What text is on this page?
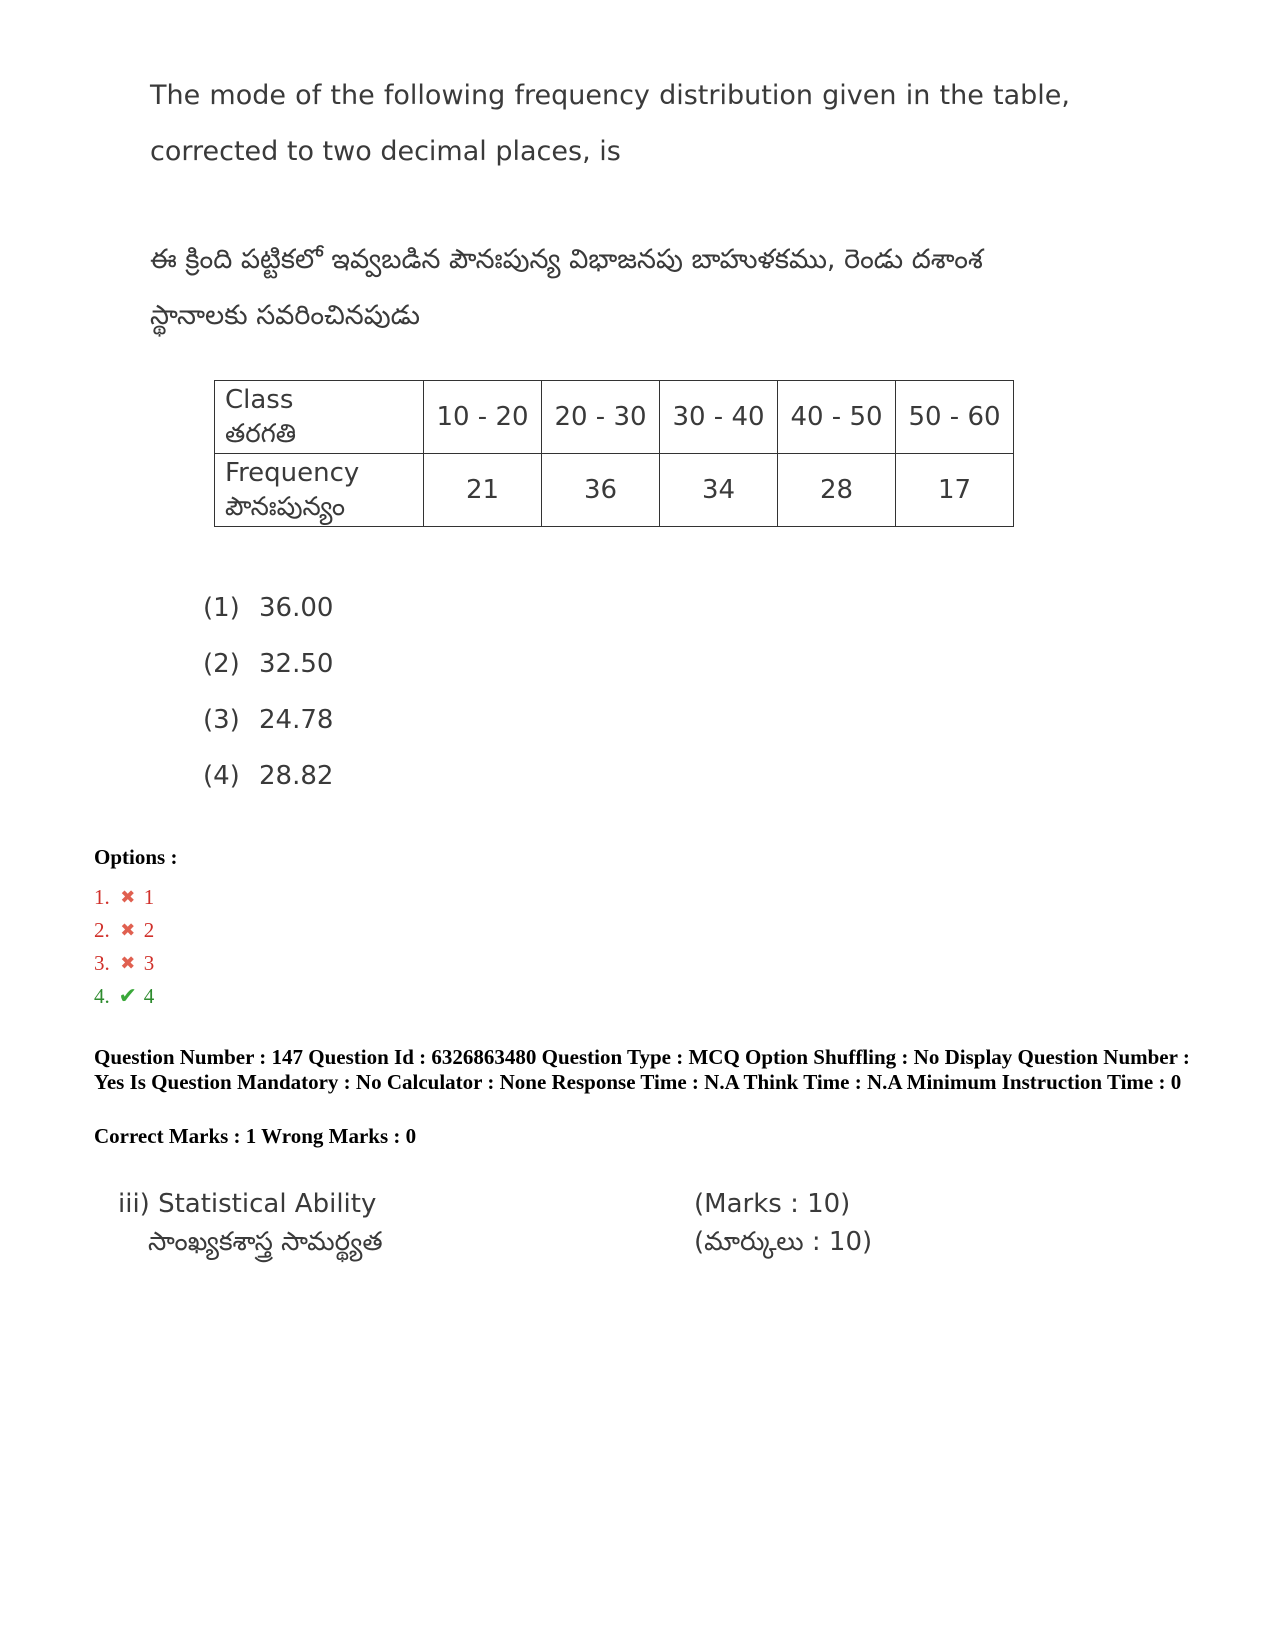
The mode of the following frequency distribution given in the table, corrected to two decimal places, is
ఈ క్రింది పట్టికలో ఇవ్వబడిన పౌనఃపున్య విభాజనపు బాహుళకము, రెండు దశాంశ స్థానాలకు సవరించినపుడు
Class
తరగతి	10 - 20	20 - 30	30 - 40	40 - 50	50 - 60

Frequency
పౌనఃపున్యం	21	36	34	28	17
(1) 36.00
(2) 32.50
(3) 24.78
(4) 28.82
Options :
1. ✖ 1
2. ✖ 2
3. ✖ 3
4. ✔ 4
Question Number : 147 Question Id : 6326863480 Question Type : MCQ Option Shuffling : No Display Question Number : Yes Is Question Mandatory : No Calculator : None Response Time : N.A Think Time : N.A Minimum Instruction Time : 0
Correct Marks : 1 Wrong Marks : 0
iii) Statistical Ability
సాంఖ్యకశాస్త్ర సామర్థ్యత
(Marks : 10)
(మార్కులు : 10)
